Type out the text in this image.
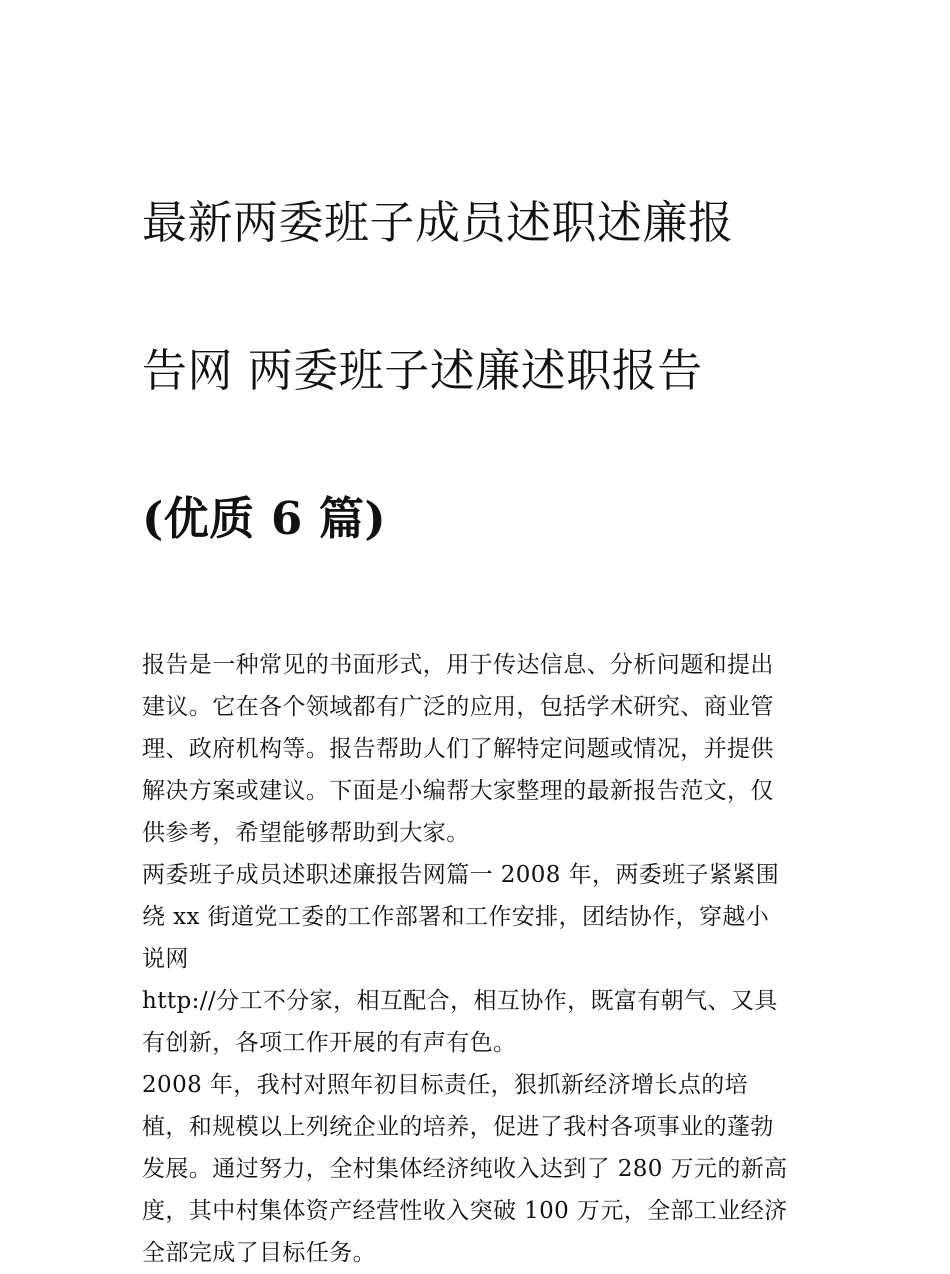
最新两委班子成员述职述廉报

告网 两委班子述廉述职报告

(优质 6 篇)

报告是一种常见的书面形式，用于传达信息、分析问题和提出
建议。它在各个领域都有广泛的应用，包括学术研究、商业管
理、政府机构等。报告帮助人们了解特定问题或情况，并提供
解决方案或建议。下面是小编帮大家整理的最新报告范文，仅
供参考，希望能够帮助到大家。

两委班子成员述职述廉报告网篇一 2008 年，两委班子紧紧围
绕 xx 街道党工委的工作部署和工作安排，团结协作，穿越小
说网

http://分工不分家，相互配合，相互协作，既富有朝气、又具
有创新，各项工作开展的有声有色。

2008 年，我村对照年初目标责任，狠抓新经济增长点的培
植，和规模以上列统企业的培养，促进了我村各项事业的蓬勃
发展。通过努力，全村集体经济纯收入达到了 280 万元的新高
度，其中村集体资产经营性收入突破 100 万元，全部工业经济
全部完成了目标任务。
